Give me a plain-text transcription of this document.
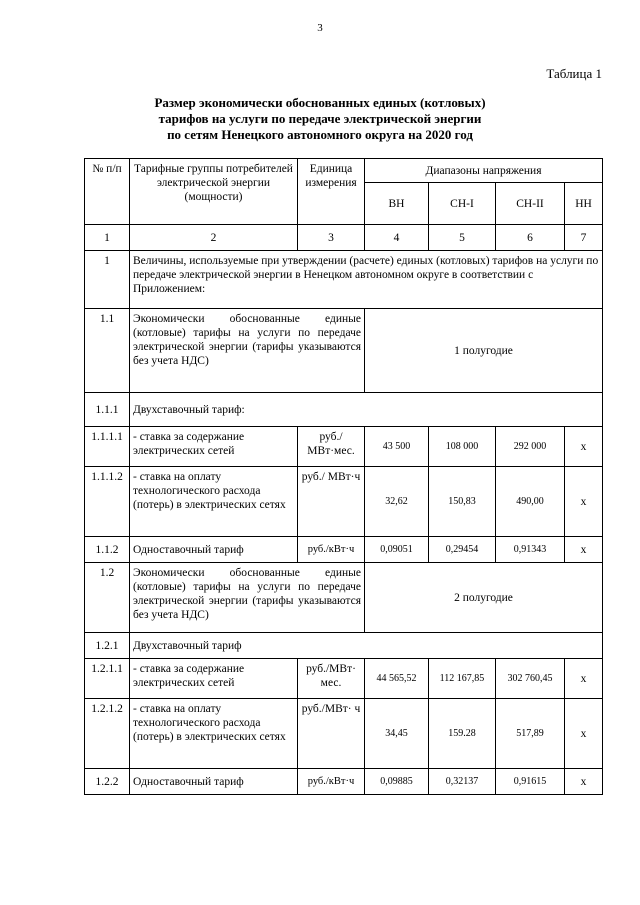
3
Таблица 1
Размер экономически обоснованных единых (котловых)
тарифов на услуги по передаче электрической энергии
по сетям Ненецкого автономного округа на 2020 год
№ п/п	Тарифные группы потребителей электрической энергии (мощности)	Единица измерения	Диапазоны напряжения			
			ВН	СН-I	СН-II	НН
1	2	3	4	5	6	7
1	Величины, используемые при утверждении (расчете) единых (котловых) тарифов на услуги по передаче электрической энергии в Ненецком автономном округе в соответствии с Приложением:					
1.1	Экономически обоснованные единые (котловые) тарифы на услуги по передаче электрической энергии (тарифы указываются без учета НДС)		1 полугодие			
1.1.1	Двухставочный тариф:					
1.1.1.1	- ставка за содержание электрических сетей	руб./ МВт·мес.	43 500	108 000	292 000	x
1.1.1.2	- ставка на оплату технологического расхода (потерь) в электрических сетях	руб./ МВт·ч	32,62	150,83	490,00	x
1.1.2	Одноставочный тариф	руб./кВт·ч	0,09051	0,29454	0,91343	x
1.2	Экономически обоснованные единые (котловые) тарифы на услуги по передаче электрической энергии (тарифы указываются без учета НДС)		2 полугодие			
1.2.1	Двухставочный тариф					
1.2.1.1	- ставка за содержание электрических сетей	руб./МВт· мес.	44 565,52	112 167,85	302 760,45	x
1.2.1.2	- ставка на оплату технологического расхода (потерь) в электрических сетях	руб./МВт· ч	34,45	159.28	517,89	x
1.2.2	Одноставочный тариф	руб./кВт·ч	0,09885	0,32137	0,91615	x
